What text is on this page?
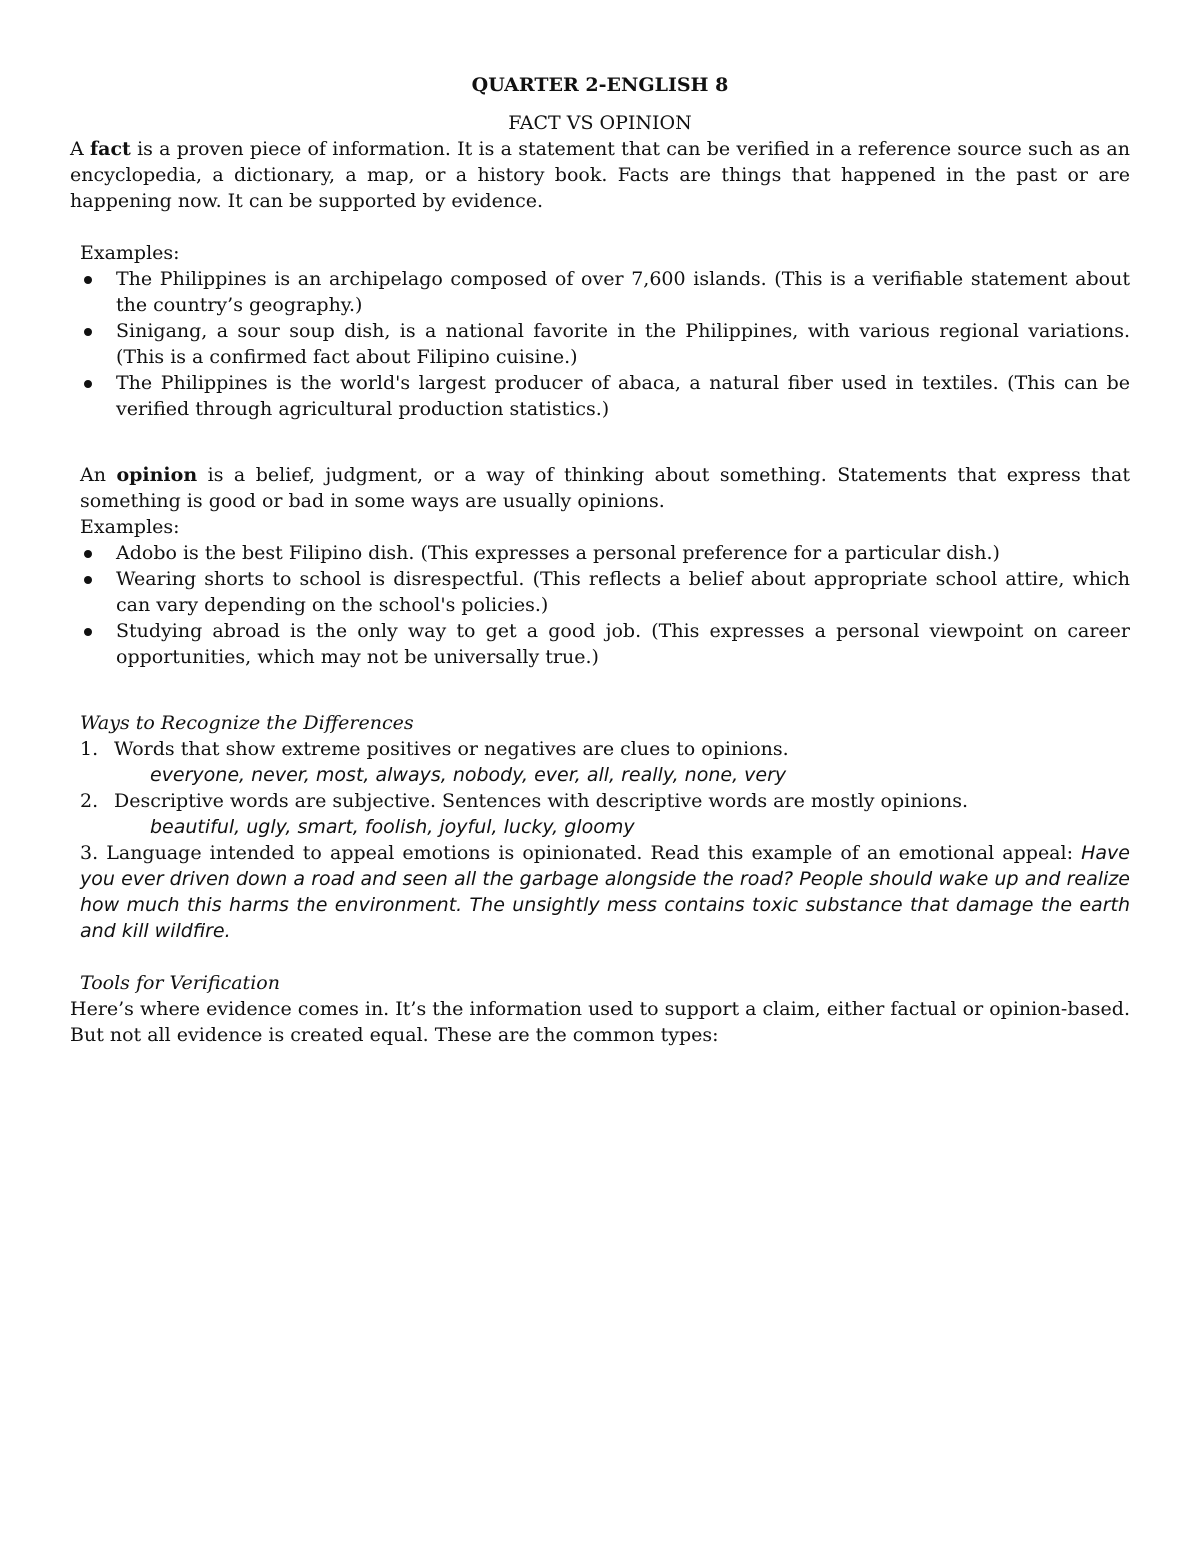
QUARTER 2-ENGLISH 8
FACT VS OPINION

A fact is a proven piece of information. It is a statement that can be verified in a reference source such as an encyclopedia, a dictionary, a map, or a history book. Facts are things that happened in the past or are happening now. It can be supported by evidence.

Examples:

The Philippines is an archipelago composed of over 7,600 islands. (This is a verifiable statement about the country’s geography.)
Sinigang, a sour soup dish, is a national favorite in the Philippines, with various regional variations. (This is a confirmed fact about Filipino cuisine.)
The Philippines is the world's largest producer of abaca, a natural fiber used in textiles. (This can be verified through agricultural production statistics.)

An opinion is a belief, judgment, or a way of thinking about something. Statements that express that something is good or bad in some ways are usually opinions.

Examples:

Adobo is the best Filipino dish. (This expresses a personal preference for a particular dish.)
Wearing shorts to school is disrespectful. (This reflects a belief about appropriate school attire, which can vary depending on the school's policies.)
Studying abroad is the only way to get a good job. (This expresses a personal viewpoint on career opportunities, which may not be universally true.)

Ways to Recognize the Differences

1. Words that show extreme positives or negatives are clues to opinions.
everyone, never, most, always, nobody, ever, all, really, none, very
2. Descriptive words are subjective. Sentences with descriptive words are mostly opinions.
beautiful, ugly, smart, foolish, joyful, lucky, gloomy

3. Language intended to appeal emotions is opinionated. Read this example of an emotional appeal: Have you ever driven down a road and seen all the garbage alongside the road? People should wake up and realize how much this harms the environment. The unsightly mess contains toxic substance that damage the earth and kill wildfire.

Tools for Verification

Here’s where evidence comes in. It’s the information used to support a claim, either factual or opinion-based. But not all evidence is created equal. These are the common types:
